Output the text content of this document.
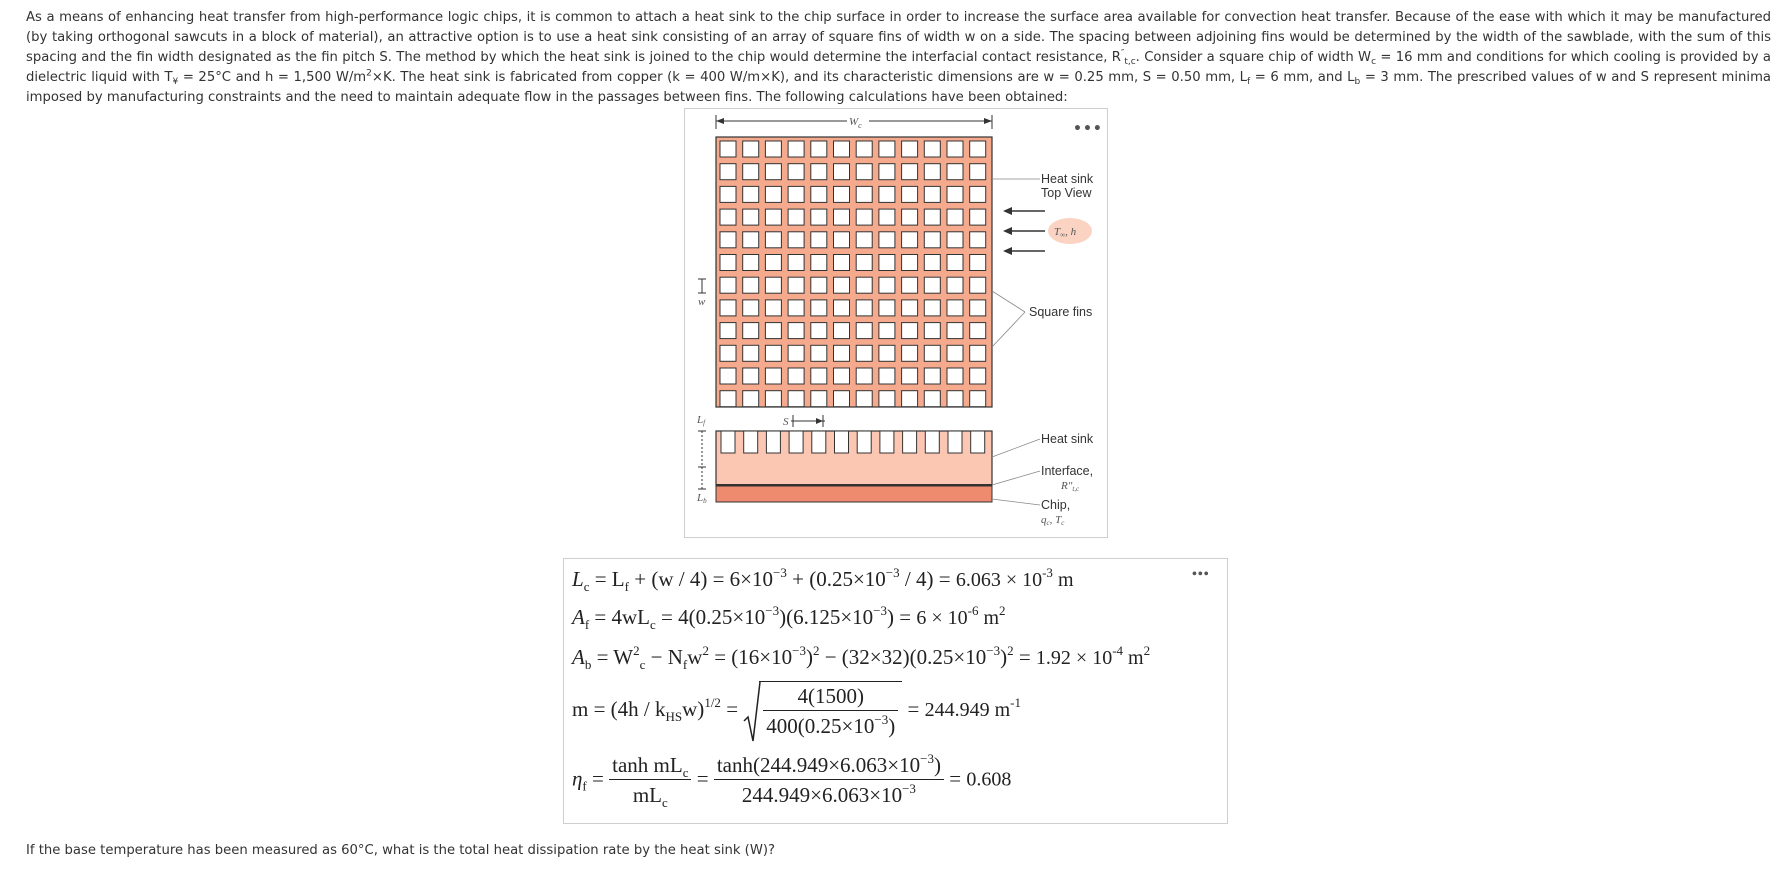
As a means of enhancing heat transfer from high-performance logic chips, it is common to attach a heat sink to the chip surface in order to increase the surface area available for convection heat transfer. Because of the ease with which it may be manufactured (by taking orthogonal sawcuts in a block of material), an attractive option is to use a heat sink consisting of an array of square fins of width w on a side. The spacing between adjoining fins would be determined by the width of the sawblade, with the sum of this spacing and the fin width designated as the fin pitch S. The method by which the heat sink is joined to the chip would determine the interfacial contact resistance, $R''_{t,c}$. Consider a square chip of width $W_c = 16$ mm and conditions for which cooling is provided by a dielectric liquid with $T_¥ = 25^\circ C$ and h = 1,500 $W/m^2\times K$. The heat sink is fabricated from copper (k = 400 W/m×K), and its characteristic dimensions are w = 0.25 mm, S = 0.50 mm, $L_f = 6$ mm, and $L_b = 3$ mm. The prescribed values of w and S represent minima imposed by manufacturing constraints and the need to maintain adequate flow in the passages between fins. The following calculations have been obtained:

$W_c$
w
S
T∞, h
Heat sink
Top View
Square fins
Lf
Lb
Heat sink
Interface,
R″t,c
Chip,
qc, Tc
•••
•••
$L_c = L_f + (w / 4) = 6\times 10^{-3} + (0.25\times 10^{-3} / 4) = 6.063 \times 10^{-3}$ m
$A_f = 4wL_c = 4(0.25\times 10^{-3})(6.125\times 10^{-3}) = 6 \times 10^{-6}$ $m^2$
$A_b = W^2_c - N_fw^2 = (16\times 10^{-3})^2 - (32\times 32)(0.25\times 10^{-3})^2 = 1.92 \times 10^{-4}$ $m^2$
$m = (4h / k_{HS}w)^{1/2} = \frac{4(1500)}{400(0.25\times 10^{-3})} = 244.949$ $m^{-1}$
$\eta_f = \frac{\tanh mL_c}{mL_c} = \frac{\tanh(244.949\times 6.063\times 10^{-3})}{244.949\times 6.063\times 10^{-3}} = 0.608$

If the base temperature has been measured as 60°C, what is the total heat dissipation rate by the heat sink (W)?
